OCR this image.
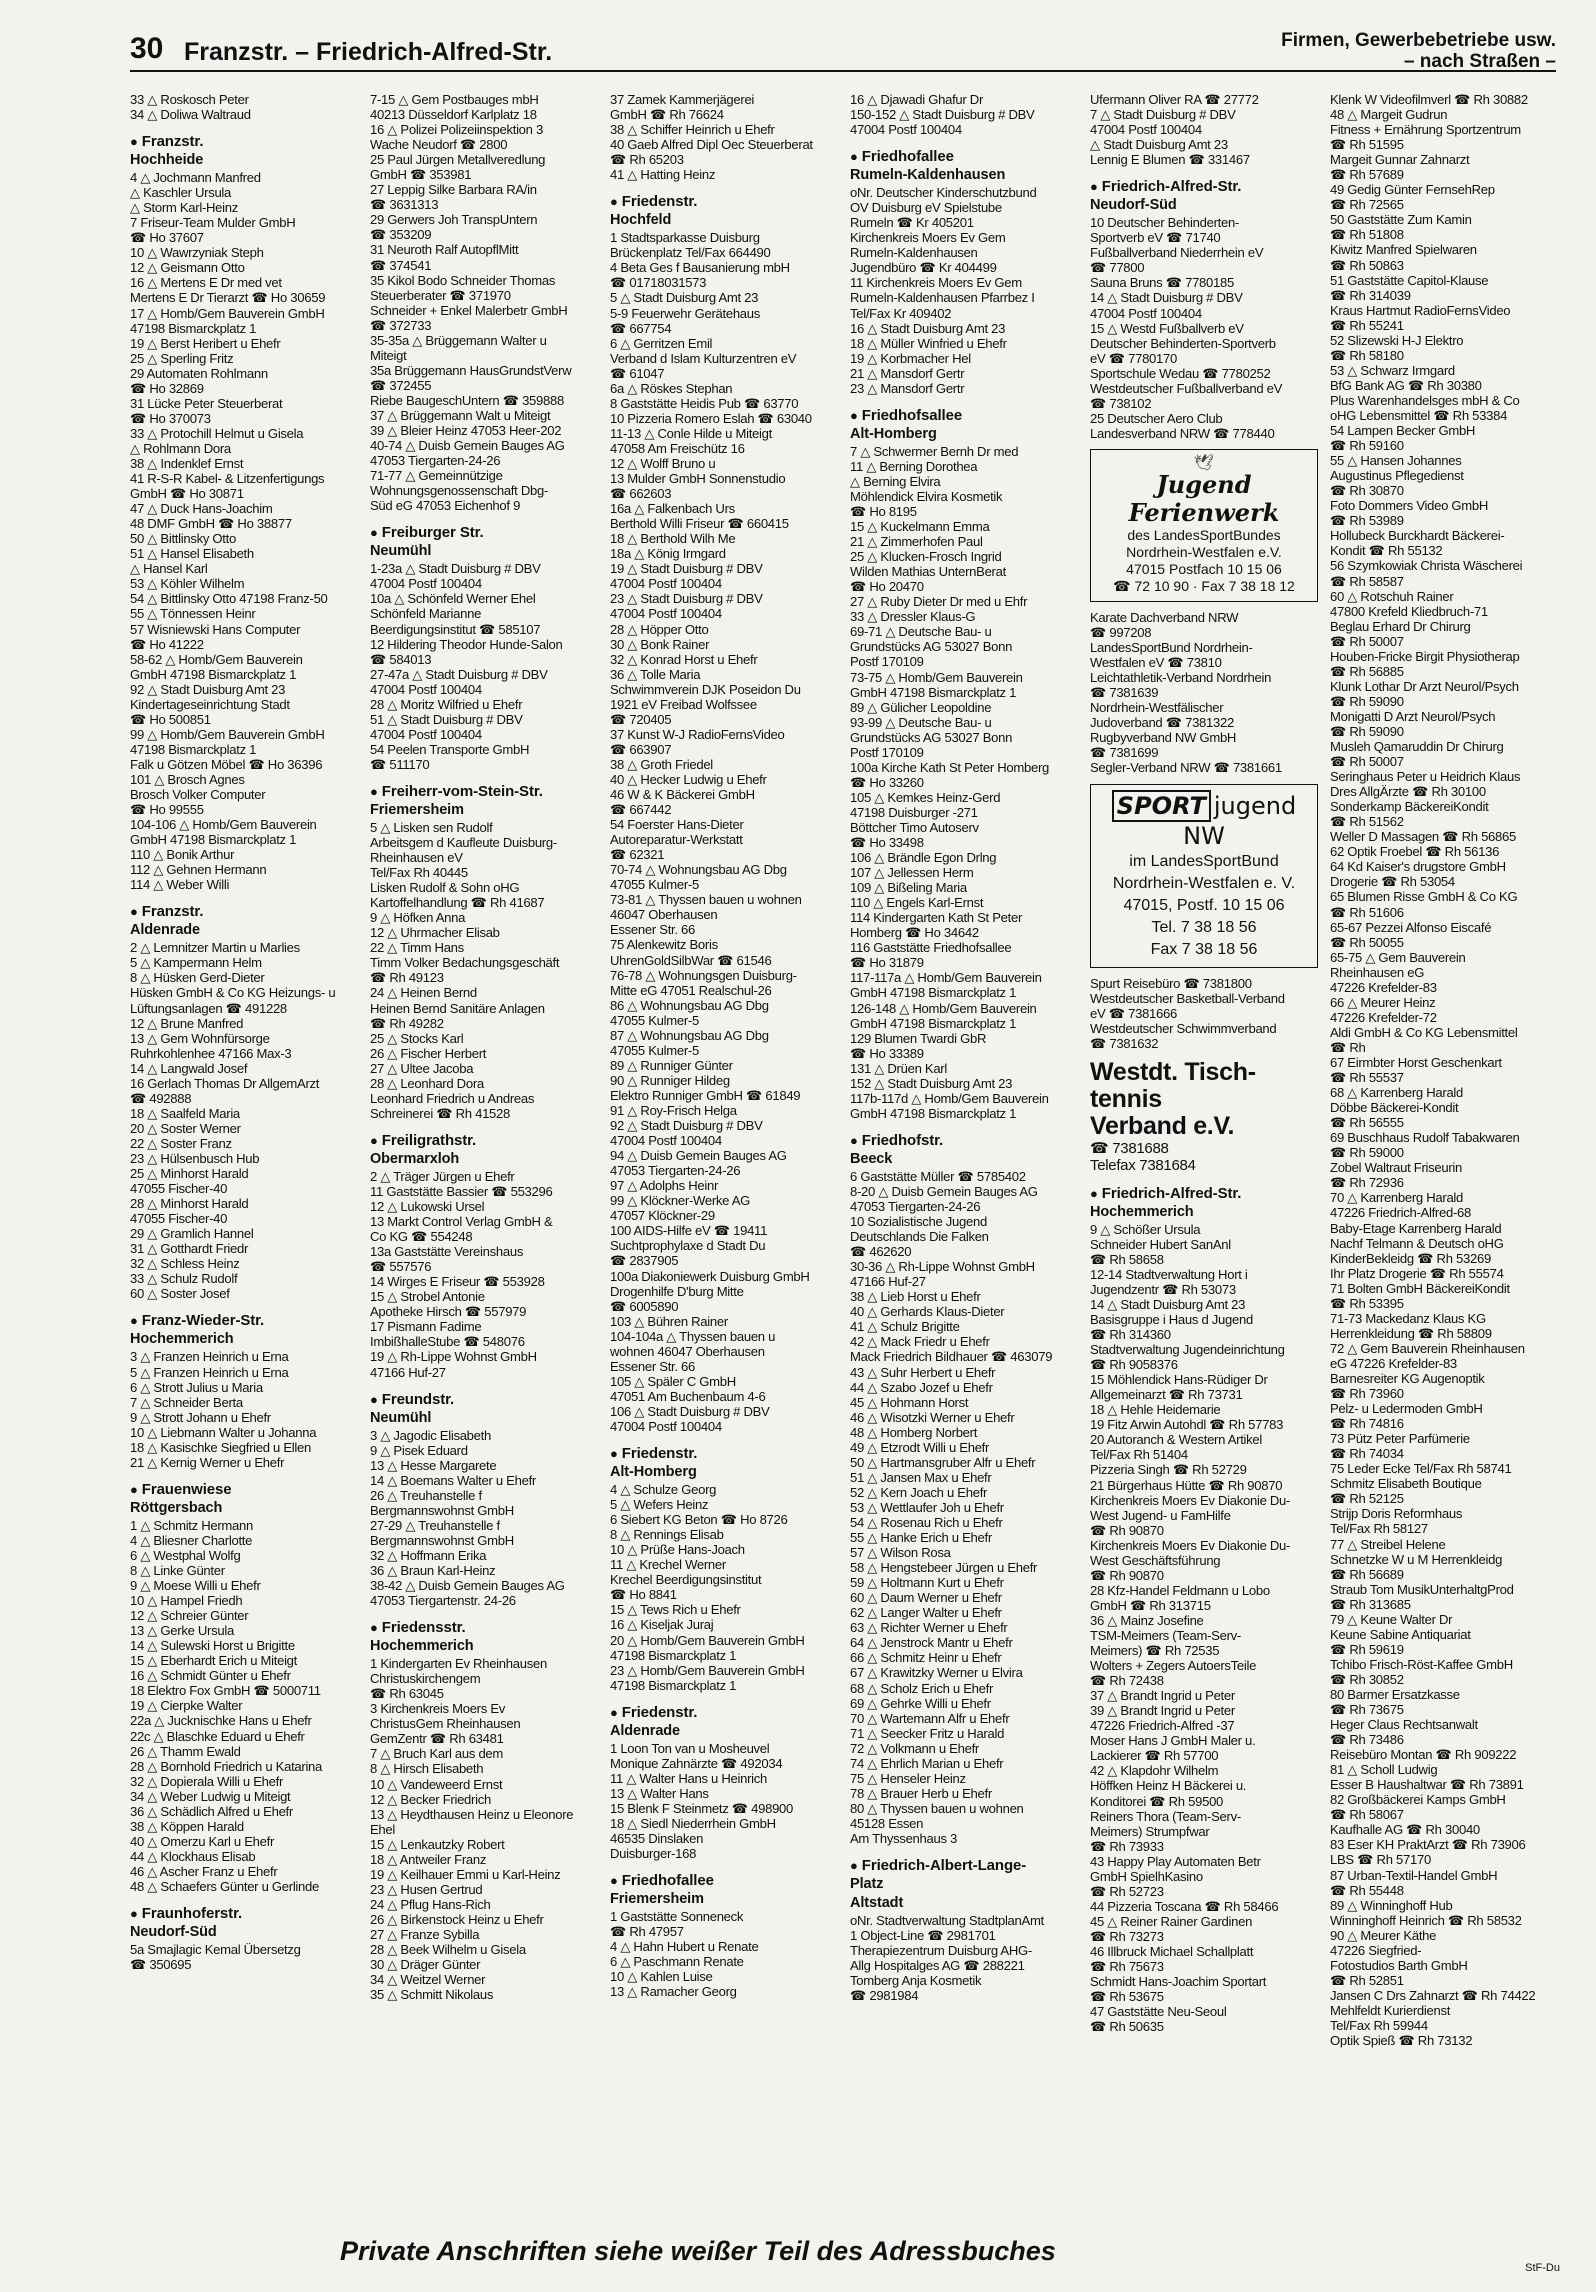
30 Franzstr. – Friedrich-Alfred-Str.	Firmen, Gewerbebetriebe usw.
– nach Straßen –
33 △ Roskosch Peter
34 △ Doliwa Waltraud
● Franzstr.
Hochheide
4 △ Jochmann Manfred
△ Kaschler Ursula
△ Storm Karl-Heinz
7 Friseur-Team Mulder GmbH
☎ Ho 37607
10 △ Wawrzyniak Steph
12 △ Geismann Otto
16 △ Mertens E Dr med vet
Mertens E Dr Tierarzt ☎ Ho 30659
17 △ Homb/Gem Bauverein GmbH
47198 Bismarckplatz 1
19 △ Berst Heribert u Ehefr
25 △ Sperling Fritz
29 Automaten Rohlmann
☎ Ho 32869
31 Lücke Peter Steuerberat
☎ Ho 370073
33 △ Protochill Helmut u Gisela
△ Rohlmann Dora
38 △ Indenklef Ernst
41 R-S-R Kabel- & Litzenfertigungs
GmbH ☎ Ho 30871
47 △ Duck Hans-Joachim
48 DMF GmbH ☎ Ho 38877
50 △ Bittlinsky Otto
51 △ Hansel Elisabeth
△ Hansel Karl
53 △ Köhler Wilhelm
54 △ Bittlinsky Otto 47198 Franz-50
55 △ Tönnessen Heinr
57 Wisniewski Hans Computer
☎ Ho 41222
58-62 △ Homb/Gem Bauverein
GmbH 47198 Bismarckplatz 1
92 △ Stadt Duisburg Amt 23
Kindertageseinrichtung Stadt
☎ Ho 500851
99 △ Homb/Gem Bauverein GmbH
47198 Bismarckplatz 1
Falk u Götzen Möbel ☎ Ho 36396
101 △ Brosch Agnes
Brosch Volker Computer
☎ Ho 99555
104-106 △ Homb/Gem Bauverein
GmbH 47198 Bismarckplatz 1
110 △ Bonik Arthur
112 △ Gehnen Hermann
114 △ Weber Willi
● Franzstr.
Aldenrade
2 △ Lemnitzer Martin u Marlies
5 △ Kampermann Helm
8 △ Hüsken Gerd-Dieter
Hüsken GmbH & Co KG Heizungs- u
Lüftungsanlagen ☎ 491228
12 △ Brune Manfred
13 △ Gem Wohnfürsorge
Ruhrkohlenhee 47166 Max-3
14 △ Langwald Josef
16 Gerlach Thomas Dr AllgemArzt
☎ 492888
18 △ Saalfeld Maria
20 △ Soster Werner
22 △ Soster Franz
23 △ Hülsenbusch Hub
25 △ Minhorst Harald
47055 Fischer-40
28 △ Minhorst Harald
47055 Fischer-40
29 △ Gramlich Hannel
31 △ Gotthardt Friedr
32 △ Schless Heinz
33 △ Schulz Rudolf
60 △ Soster Josef
● Franz-Wieder-Str.
Hochemmerich
3 △ Franzen Heinrich u Erna
5 △ Franzen Heinrich u Erna
6 △ Strott Julius u Maria
7 △ Schneider Berta
9 △ Strott Johann u Ehefr
10 △ Liebmann Walter u Johanna
18 △ Kasischke Siegfried u Ellen
21 △ Kernig Werner u Ehefr
● Frauenwiese
Röttgersbach
1 △ Schmitz Hermann
4 △ Bliesner Charlotte
6 △ Westphal Wolfg
8 △ Linke Günter
9 △ Moese Willi u Ehefr
10 △ Hampel Friedh
12 △ Schreier Günter
13 △ Gerke Ursula
14 △ Sulewski Horst u Brigitte
15 △ Eberhardt Erich u Miteigt
16 △ Schmidt Günter u Ehefr
18 Elektro Fox GmbH ☎ 5000711
19 △ Cierpke Walter
22a △ Jucknischke Hans u Ehefr
22c △ Blaschke Eduard u Ehefr
26 △ Thamm Ewald
28 △ Bornhold Friedrich u Katarina
32 △ Dopierala Willi u Ehefr
34 △ Weber Ludwig u Miteigt
36 △ Schädlich Alfred u Ehefr
38 △ Köppen Harald
40 △ Omerzu Karl u Ehefr
44 △ Klockhaus Elisab
46 △ Ascher Franz u Ehefr
48 △ Schaefers Günter u Gerlinde
● Fraunhoferstr.
Neudorf-Süd
5a Smajlagic Kemal Übersetzg
☎ 350695
7-15 △ Gem Postbauges mbH
40213 Düsseldorf Karlplatz 18
16 △ Polizei Polizeiinspektion 3
Wache Neudorf ☎ 2800
25 Paul Jürgen Metallveredlung
GmbH ☎ 353981
27 Leppig Silke Barbara RA/in
☎ 3631313
29 Gerwers Joh TranspUntern
☎ 353209
31 Neuroth Ralf AutopflMitt
☎ 374541
35 Kikol Bodo Schneider Thomas
Steuerberater ☎ 371970
Schneider + Enkel Malerbetr GmbH
☎ 372733
35-35a △ Brüggemann Walter u
Miteigt
35a Brüggemann HausGrundstVerw
☎ 372455
Riebe BaugeschUntern ☎ 359888
37 △ Brüggemann Walt u Miteigt
39 △ Bleier Heinz 47053 Heer-202
40-74 △ Duisb Gemein Bauges AG
47053 Tiergarten-24-26
71-77 △ Gemeinnützige
Wohnungsgenossenschaft Dbg-
Süd eG 47053 Eichenhof 9
● Freiburger Str.
Neumühl
1-23a △ Stadt Duisburg # DBV
47004 Postf 100404
10a △ Schönfeld Werner Ehel
Schönfeld Marianne
Beerdigungsinstitut ☎ 585107
12 Hildering Theodor Hunde-Salon
☎ 584013
27-47a △ Stadt Duisburg # DBV
47004 Postf 100404
28 △ Moritz Wilfried u Ehefr
51 △ Stadt Duisburg # DBV
47004 Postf 100404
54 Peelen Transporte GmbH
☎ 511170
● Freiherr-vom-Stein-Str.
Friemersheim
5 △ Lisken sen Rudolf
Arbeitsgem d Kaufleute Duisburg-
Rheinhausen eV
Tel/Fax Rh 40445
Lisken Rudolf & Sohn oHG
Kartoffelhandlung ☎ Rh 41687
9 △ Höfken Anna
12 △ Uhrmacher Elisab
22 △ Timm Hans
Timm Volker Bedachungsgeschäft
☎ Rh 49123
24 △ Heinen Bernd
Heinen Bernd Sanitäre Anlagen
☎ Rh 49282
25 △ Stocks Karl
26 △ Fischer Herbert
27 △ Ultee Jacoba
28 △ Leonhard Dora
Leonhard Friedrich u Andreas
Schreinerei ☎ Rh 41528
● Freiligrathstr.
Obermarxloh
2 △ Träger Jürgen u Ehefr
11 Gaststätte Bassier ☎ 553296
12 △ Lukowski Ursel
13 Markt Control Verlag GmbH &
Co KG ☎ 554248
13a Gaststätte Vereinshaus
☎ 557576
14 Wirges E Friseur ☎ 553928
15 △ Strobel Antonie
Apotheke Hirsch ☎ 557979
17 Pismann Fadime
ImbißhalleStube ☎ 548076
19 △ Rh-Lippe Wohnst GmbH
47166 Huf-27
● Freundstr.
Neumühl
3 △ Jagodic Elisabeth
9 △ Pisek Eduard
13 △ Hesse Margarete
14 △ Boemans Walter u Ehefr
26 △ Treuhanstelle f
Bergmannswohnst GmbH
27-29 △ Treuhanstelle f
Bergmannswohnst GmbH
32 △ Hoffmann Erika
36 △ Braun Karl-Heinz
38-42 △ Duisb Gemein Bauges AG
47053 Tiergartenstr. 24-26
● Friedensstr.
Hochemmerich
1 Kindergarten Ev Rheinhausen
Christuskirchengem
☎ Rh 63045
3 Kirchenkreis Moers Ev
ChristusGem Rheinhausen
GemZentr ☎ Rh 63481
7 △ Bruch Karl aus dem
8 △ Hirsch Elisabeth
10 △ Vandeweerd Ernst
12 △ Becker Friedrich
13 △ Heydthausen Heinz u Eleonore
Ehel
15 △ Lenkautzky Robert
18 △ Antweiler Franz
19 △ Keilhauer Emmi u Karl-Heinz
23 △ Husen Gertrud
24 △ Pflug Hans-Rich
26 △ Birkenstock Heinz u Ehefr
27 △ Franze Sybilla
28 △ Beek Wilhelm u Gisela
30 △ Dräger Günter
34 △ Weitzel Werner
35 △ Schmitt Nikolaus
37 Zamek Kammerjägerei
GmbH ☎ Rh 76624
38 △ Schiffer Heinrich u Ehefr
40 Gaeb Alfred Dipl Oec Steuerberat
☎ Rh 65203
41 △ Hatting Heinz
● Friedenstr.
Hochfeld
1 Stadtsparkasse Duisburg
Brückenplatz Tel/Fax 664490
4 Beta Ges f Bausanierung mbH
☎ 01718031573
5 △ Stadt Duisburg Amt 23
5-9 Feuerwehr Gerätehaus
☎ 667754
6 △ Gerritzen Emil
Verband d Islam Kulturzentren eV
☎ 61047
6a △ Röskes Stephan
8 Gaststätte Heidis Pub ☎ 63770
10 Pizzeria Romero Eslah ☎ 63040
11-13 △ Conle Hilde u Miteigt
47058 Am Freischütz 16
12 △ Wolff Bruno u
13 Mulder GmbH Sonnenstudio
☎ 662603
16a △ Falkenbach Urs
Berthold Willi Friseur ☎ 660415
18 △ Berthold Wilh Me
18a △ König Irmgard
19 △ Stadt Duisburg # DBV
47004 Postf 100404
23 △ Stadt Duisburg # DBV
47004 Postf 100404
28 △ Höpper Otto
30 △ Bonk Rainer
32 △ Konrad Horst u Ehefr
36 △ Tolle Maria
Schwimmverein DJK Poseidon Du
1921 eV Freibad Wolfssee
☎ 720405
37 Kunst W-J RadioFernsVideo
☎ 663907
38 △ Groth Friedel
40 △ Hecker Ludwig u Ehefr
46 W & K Bäckerei GmbH
☎ 667442
54 Foerster Hans-Dieter
Autoreparatur-Werkstatt
☎ 62321
70-74 △ Wohnungsbau AG Dbg
47055 Kulmer-5
73-81 △ Thyssen bauen u wohnen
46047 Oberhausen
Essener Str. 66
75 Alenkewitz Boris
UhrenGoldSilbWar ☎ 61546
76-78 △ Wohnungsgen Duisburg-
Mitte eG 47051 Realschul-26
86 △ Wohnungsbau AG Dbg
47055 Kulmer-5
87 △ Wohnungsbau AG Dbg
47055 Kulmer-5
89 △ Runniger Günter
90 △ Runniger Hildeg
Elektro Runniger GmbH ☎ 61849
91 △ Roy-Frisch Helga
92 △ Stadt Duisburg # DBV
47004 Postf 100404
94 △ Duisb Gemein Bauges AG
47053 Tiergarten-24-26
97 △ Adolphs Heinr
99 △ Klöckner-Werke AG
47057 Klöckner-29
100 AIDS-Hilfe eV ☎ 19411
Suchtprophylaxe d Stadt Du
☎ 2837905
100a Diakoniewerk Duisburg GmbH
Drogenhilfe D'burg Mitte
☎ 6005890
103 △ Bühren Rainer
104-104a △ Thyssen bauen u
wohnen 46047 Oberhausen
Essener Str. 66
105 △ Späler C GmbH
47051 Am Buchenbaum 4-6
106 △ Stadt Duisburg # DBV
47004 Postf 100404
● Friedenstr.
Alt-Homberg
4 △ Schulze Georg
5 △ Wefers Heinz
6 Siebert KG Beton ☎ Ho 8726
8 △ Rennings Elisab
10 △ Prüße Hans-Joach
11 △ Krechel Werner
Krechel Beerdigungsinstitut
☎ Ho 8841
15 △ Tews Rich u Ehefr
16 △ Kiseljak Juraj
20 △ Homb/Gem Bauverein GmbH
47198 Bismarckplatz 1
23 △ Homb/Gem Bauverein GmbH
47198 Bismarckplatz 1
● Friedenstr.
Aldenrade
1 Loon Ton van u Mosheuvel
Monique Zahnärzte ☎ 492034
11 △ Walter Hans u Heinrich
13 △ Walter Hans
15 Blenk F Steinmetz ☎ 498900
18 △ Siedl Niederrhein GmbH
46535 Dinslaken
Duisburger-168
● Friedhofallee
Friemersheim
1 Gaststätte Sonneneck
☎ Rh 47957
4 △ Hahn Hubert u Renate
6 △ Paschmann Renate
10 △ Kahlen Luise
13 △ Ramacher Georg
16 △ Djawadi Ghafur Dr
150-152 △ Stadt Duisburg # DBV
47004 Postf 100404
● Friedhofallee
Rumeln-Kaldenhausen
oNr. Deutscher Kinderschutzbund
OV Duisburg eV Spielstube
Rumeln ☎ Kr 405201
Kirchenkreis Moers Ev Gem
Rumeln-Kaldenhausen
Jugendbüro ☎ Kr 404499
11 Kirchenkreis Moers Ev Gem
Rumeln-Kaldenhausen Pfarrbez I
Tel/Fax Kr 409402
16 △ Stadt Duisburg Amt 23
18 △ Müller Winfried u Ehefr
19 △ Korbmacher Hel
21 △ Mansdorf Gertr
23 △ Mansdorf Gertr
● Friedhofsallee
Alt-Homberg
7 △ Schwermer Bernh Dr med
11 △ Berning Dorothea
△ Berning Elvira
Möhlendick Elvira Kosmetik
☎ Ho 8195
15 △ Kuckelmann Emma
21 △ Zimmerhofen Paul
25 △ Klucken-Frosch Ingrid
Wilden Mathias UnternBerat
☎ Ho 20470
27 △ Ruby Dieter Dr med u Ehfr
33 △ Dressler Klaus-G
69-71 △ Deutsche Bau- u
Grundstücks AG 53027 Bonn
Postf 170109
73-75 △ Homb/Gem Bauverein
GmbH 47198 Bismarckplatz 1
89 △ Gülicher Leopoldine
93-99 △ Deutsche Bau- u
Grundstücks AG 53027 Bonn
Postf 170109
100a Kirche Kath St Peter Homberg
☎ Ho 33260
105 △ Kemkes Heinz-Gerd
47198 Duisburger -271
Böttcher Timo Autoserv
☎ Ho 33498
106 △ Brändle Egon Drlng
107 △ Jellessen Herm
109 △ Bißeling Maria
110 △ Engels Karl-Ernst
114 Kindergarten Kath St Peter
Homberg ☎ Ho 34642
116 Gaststätte Friedhofsallee
☎ Ho 31879
117-117a △ Homb/Gem Bauverein
GmbH 47198 Bismarckplatz 1
126-148 △ Homb/Gem Bauverein
GmbH 47198 Bismarckplatz 1
129 Blumen Twardi GbR
☎ Ho 33389
131 △ Drüen Karl
152 △ Stadt Duisburg Amt 23
117b-117d △ Homb/Gem Bauverein
GmbH 47198 Bismarckplatz 1
● Friedhofstr.
Beeck
6 Gaststätte Müller ☎ 5785402
8-20 △ Duisb Gemein Bauges AG
47053 Tiergarten-24-26
10 Sozialistische Jugend
Deutschlands Die Falken
☎ 462620
30-36 △ Rh-Lippe Wohnst GmbH
47166 Huf-27
38 △ Lieb Horst u Ehefr
40 △ Gerhards Klaus-Dieter
41 △ Schulz Brigitte
42 △ Mack Friedr u Ehefr
Mack Friedrich Bildhauer ☎ 463079
43 △ Suhr Herbert u Ehefr
44 △ Szabo Jozef u Ehefr
45 △ Hohmann Horst
46 △ Wisotzki Werner u Ehefr
48 △ Homberg Norbert
49 △ Etzrodt Willi u Ehefr
50 △ Hartmansgruber Alfr u Ehefr
51 △ Jansen Max u Ehefr
52 △ Kern Joach u Ehefr
53 △ Wettlaufer Joh u Ehefr
54 △ Rosenau Rich u Ehefr
55 △ Hanke Erich u Ehefr
57 △ Wilson Rosa
58 △ Hengstebeer Jürgen u Ehefr
59 △ Holtmann Kurt u Ehefr
60 △ Daum Werner u Ehefr
62 △ Langer Walter u Ehefr
63 △ Richter Werner u Ehefr
64 △ Jenstrock Mantr u Ehefr
66 △ Schmitz Heinr u Ehefr
67 △ Krawitzky Werner u Elvira
68 △ Scholz Erich u Ehefr
69 △ Gehrke Willi u Ehefr
70 △ Wartemann Alfr u Ehefr
71 △ Seecker Fritz u Harald
72 △ Volkmann u Ehefr
74 △ Ehrlich Marian u Ehefr
75 △ Henseler Heinz
78 △ Brauer Herb u Ehefr
80 △ Thyssen bauen u wohnen
45128 Essen
Am Thyssenhaus 3
● Friedrich-Albert-Lange-
Platz
Altstadt
oNr. Stadtverwaltung StadtplanAmt
1 Object-Line ☎ 2981701
Therapiezentrum Duisburg AHG-
Allg Hospitalges AG ☎ 288221
Tomberg Anja Kosmetik
☎ 2981984
Ufermann Oliver RA ☎ 27772
7 △ Stadt Duisburg # DBV
47004 Postf 100404
△ Stadt Duisburg Amt 23
Lennig E Blumen ☎ 331467
● Friedrich-Alfred-Str.
Neudorf-Süd
10 Deutscher Behinderten-
Sportverb eV ☎ 71740
Fußballverband Niederrhein eV
☎ 77800
Sauna Bruns ☎ 7780185
14 △ Stadt Duisburg # DBV
47004 Postf 100404
15 △ Westd Fußballverb eV
Deutscher Behinderten-Sportverb
eV ☎ 7780170
Sportschule Wedau ☎ 7780252
Westdeutscher Fußballverband eV
☎ 738102
25 Deutscher Aero Club
Landesverband NRW ☎ 778440
🕊
Jugend Ferienwerk
des LandesSportBundes
Nordrhein-Westfalen e.V.
47015 Postfach 10 15 06
☎ 72 10 90 · Fax 7 38 18 12
Karate Dachverband NRW
☎ 997208
LandesSportBund Nordrhein-
Westfalen eV ☎ 73810
Leichtathletik-Verband Nordrhein
☎ 7381639
Nordrhein-Westfälischer
Judoverband ☎ 7381322
Rugbyverband NW GmbH
☎ 7381699
Segler-Verband NRW ☎ 7381661
SPORT jugend NW
im LandesSportBund
Nordrhein-Westfalen e. V.
47015, Postf. 10 15 06
Tel. 7 38 18 56
Fax 7 38 18 56
Spurt Reisebüro ☎ 7381800
Westdeutscher Basketball-Verband
eV ☎ 7381666
Westdeutscher Schwimmverband
☎ 7381632
Westdt. Tisch-
tennis
Verband e.V.
☎ 7381688
Telefax 7381684
● Friedrich-Alfred-Str.
Hochemmerich
9 △ Schößer Ursula
Schneider Hubert SanAnl
☎ Rh 58658
12-14 Stadtverwaltung Hort i
Jugendzentr ☎ Rh 53073
14 △ Stadt Duisburg Amt 23
Basisgruppe i Haus d Jugend
☎ Rh 314360
Stadtverwaltung Jugendeinrichtung
☎ Rh 9058376
15 Möhlendick Hans-Rüdiger Dr
Allgemeinarzt ☎ Rh 73731
18 △ Hehle Heidemarie
19 Fitz Arwin Autohdl ☎ Rh 57783
20 Autoranch & Western Artikel
Tel/Fax Rh 51404
Pizzeria Singh ☎ Rh 52729
21 Bürgerhaus Hütte ☎ Rh 90870
Kirchenkreis Moers Ev Diakonie Du-
West Jugend- u FamHilfe
☎ Rh 90870
Kirchenkreis Moers Ev Diakonie Du-
West Geschäftsführung
☎ Rh 90870
28 Kfz-Handel Feldmann u Lobo
GmbH ☎ Rh 313715
36 △ Mainz Josefine
TSM-Meimers (Team-Serv-
Meimers) ☎ Rh 72535
Wolters + Zegers AutoersTeile
☎ Rh 72438
37 △ Brandt Ingrid u Peter
39 △ Brandt Ingrid u Peter
47226 Friedrich-Alfred -37
Moser Hans J GmbH Maler u.
Lackierer ☎ Rh 57700
42 △ Klapdohr Wilhelm
Höffken Heinz H Bäckerei u.
Konditorei ☎ Rh 59500
Reiners Thora (Team-Serv-
Meimers) Strumpfwar
☎ Rh 73933
43 Happy Play Automaten Betr
GmbH SpielhKasino
☎ Rh 52723
44 Pizzeria Toscana ☎ Rh 58466
45 △ Reiner Rainer Gardinen
☎ Rh 73273
46 Illbruck Michael Schallplatt
☎ Rh 75673
Schmidt Hans-Joachim Sportart
☎ Rh 53675
47 Gaststätte Neu-Seoul
☎ Rh 50635
Klenk W Videofilmverl ☎ Rh 30882
48 △ Margeit Gudrun
Fitness + Ernährung Sportzentrum
☎ Rh 51595
Margeit Gunnar Zahnarzt
☎ Rh 57689
49 Gedig Günter FernsehRep
☎ Rh 72565
50 Gaststätte Zum Kamin
☎ Rh 51808
Kiwitz Manfred Spielwaren
☎ Rh 50863
51 Gaststätte Capitol-Klause
☎ Rh 314039
Kraus Hartmut RadioFernsVideo
☎ Rh 55241
52 Slizewski H-J Elektro
☎ Rh 58180
53 △ Schwarz Irmgard
BfG Bank AG ☎ Rh 30380
Plus Warenhandelsges mbH & Co
oHG Lebensmittel ☎ Rh 53384
54 Lampen Becker GmbH
☎ Rh 59160
55 △ Hansen Johannes
Augustinus Pflegedienst
☎ Rh 30870
Foto Dommers Video GmbH
☎ Rh 53989
Hollubeck Burckhardt Bäckerei-
Kondit ☎ Rh 55132
56 Szymkowiak Christa Wäscherei
☎ Rh 58587
60 △ Rotschuh Rainer
47800 Krefeld Kliedbruch-71
Beglau Erhard Dr Chirurg
☎ Rh 50007
Houben-Fricke Birgit Physiotherap
☎ Rh 56885
Klunk Lothar Dr Arzt Neurol/Psych
☎ Rh 59090
Monigatti D Arzt Neurol/Psych
☎ Rh 59090
Musleh Qamaruddin Dr Chirurg
☎ Rh 50007
Seringhaus Peter u Heidrich Klaus
Dres AllgÄrzte ☎ Rh 30100
Sonderkamp BäckereiKondit
☎ Rh 51562
Weller D Massagen ☎ Rh 56865
62 Optik Froebel ☎ Rh 56136
64 Kd Kaiser's drugstore GmbH
Drogerie ☎ Rh 53054
65 Blumen Risse GmbH & Co KG
☎ Rh 51606
65-67 Pezzei Alfonso Eiscafé
☎ Rh 50055
65-75 △ Gem Bauverein
Rheinhausen eG
47226 Krefelder-83
66 △ Meurer Heinz
47226 Krefelder-72
Aldi GmbH & Co KG Lebensmittel
☎ Rh
67 Eirmbter Horst Geschenkart
☎ Rh 55537
68 △ Karrenberg Harald
Döbbe Bäckerei-Kondit
☎ Rh 56555
69 Buschhaus Rudolf Tabakwaren
☎ Rh 59000
Zobel Waltraut Friseurin
☎ Rh 72936
70 △ Karrenberg Harald
47226 Friedrich-Alfred-68
Baby-Etage Karrenberg Harald
Nachf Telmann & Deutsch oHG
KinderBekleidg ☎ Rh 53269
Ihr Platz Drogerie ☎ Rh 55574
71 Bolten GmbH BäckereiKondit
☎ Rh 53395
71-73 Mackedanz Klaus KG
Herrenkleidung ☎ Rh 58809
72 △ Gem Bauverein Rheinhausen
eG 47226 Krefelder-83
Barnesreiter KG Augenoptik
☎ Rh 73960
Pelz- u Ledermoden GmbH
☎ Rh 74816
73 Pütz Peter Parfümerie
☎ Rh 74034
75 Leder Ecke Tel/Fax Rh 58741
Schmitz Elisabeth Boutique
☎ Rh 52125
Strijp Doris Reformhaus
Tel/Fax Rh 58127
77 △ Streibel Helene
Schnetzke W u M Herrenkleidg
☎ Rh 56689
Straub Tom MusikUnterhaltgProd
☎ Rh 313685
79 △ Keune Walter Dr
Keune Sabine Antiquariat
☎ Rh 59619
Tchibo Frisch-Röst-Kaffee GmbH
☎ Rh 30852
80 Barmer Ersatzkasse
☎ Rh 73675
Heger Claus Rechtsanwalt
☎ Rh 73486
Reisebüro Montan ☎ Rh 909222
81 △ Scholl Ludwig
Esser B Haushaltwar ☎ Rh 73891
82 Großbäckerei Kamps GmbH
☎ Rh 58067
Kaufhalle AG ☎ Rh 30040
83 Eser KH PraktArzt ☎ Rh 73906
LBS ☎ Rh 57170
87 Urban-Textil-Handel GmbH
☎ Rh 55448
89 △ Winninghoff Hub
Winninghoff Heinrich ☎ Rh 58532
90 △ Meurer Käthe
47226 Siegfried-
Fotostudios Barth GmbH
☎ Rh 52851
Jansen C Drs Zahnarzt ☎ Rh 74422
Mehlfeldt Kurierdienst
Tel/Fax Rh 59944
Optik Spieß ☎ Rh 73132
Private Anschriften siehe weißer Teil des Adressbuches
StF-Du
